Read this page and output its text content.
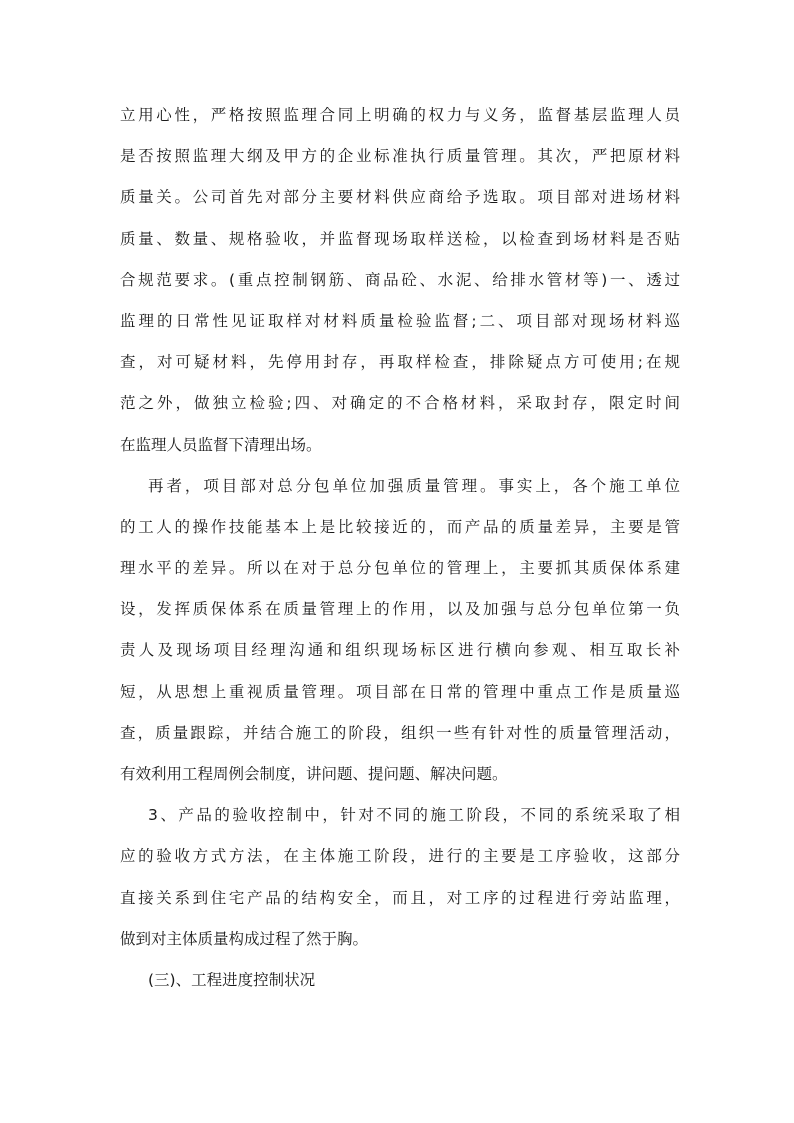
立用心性，严格按照监理合同上明确的权力与义务，监督基层监理人员
是否按照监理大纲及甲方的企业标准执行质量管理。其次，严把原材料
质量关。公司首先对部分主要材料供应商给予选取。项目部对进场材料
质量、数量、规格验收，并监督现场取样送检，以检查到场材料是否贴
合规范要求。(重点控制钢筋、商品砼、水泥、给排水管材等)一、透过
监理的日常性见证取样对材料质量检验监督;二、项目部对现场材料巡
查，对可疑材料，先停用封存，再取样检查，排除疑点方可使用;在规
范之外，做独立检验;四、对确定的不合格材料，采取封存，限定时间
在监理人员监督下清理出场。
再者，项目部对总分包单位加强质量管理。事实上，各个施工单位
的工人的操作技能基本上是比较接近的，而产品的质量差异，主要是管
理水平的差异。所以在对于总分包单位的管理上，主要抓其质保体系建
设，发挥质保体系在质量管理上的作用，以及加强与总分包单位第一负
责人及现场项目经理沟通和组织现场标区进行横向参观、相互取长补
短，从思想上重视质量管理。项目部在日常的管理中重点工作是质量巡
查，质量跟踪，并结合施工的阶段，组织一些有针对性的质量管理活动，
有效利用工程周例会制度，讲问题、提问题、解决问题。
3、产品的验收控制中，针对不同的施工阶段，不同的系统采取了相
应的验收方式方法，在主体施工阶段，进行的主要是工序验收，这部分
直接关系到住宅产品的结构安全，而且，对工序的过程进行旁站监理，
做到对主体质量构成过程了然于胸。
(三)、工程进度控制状况
